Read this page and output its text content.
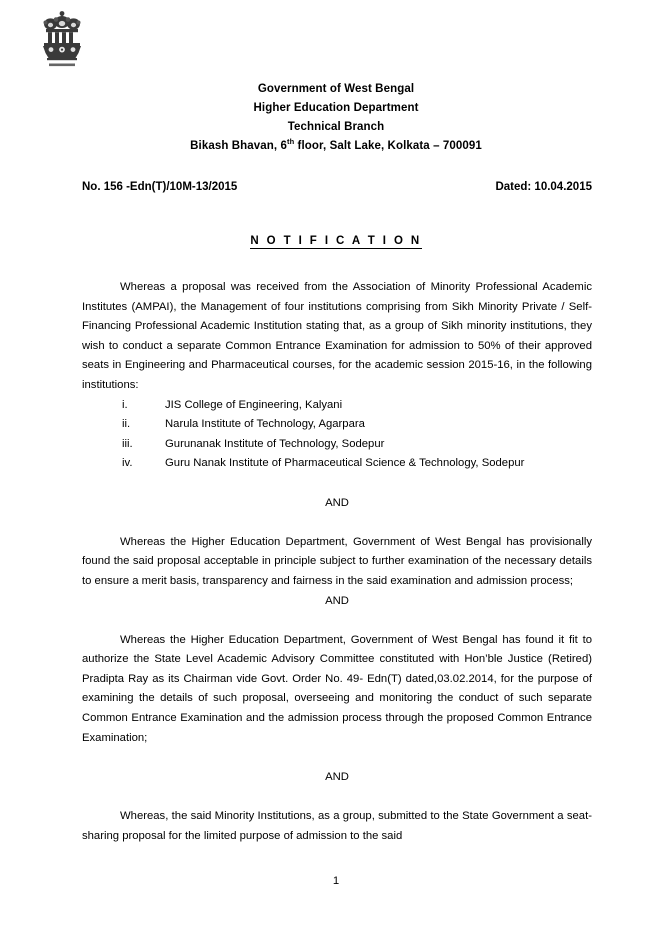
Government of West Bengal
Higher Education Department
Technical Branch
Bikash Bhavan, 6th floor, Salt Lake, Kolkata – 700091
No. 156 -Edn(T)/10M-13/2015	Dated: 10.04.2015
N O T I F I C A T I O N

Whereas a proposal was received from the Association of Minority Professional Academic Institutes (AMPAI), the Management of four institutions comprising from Sikh Minority Private / Self-Financing Professional Academic Institution stating that, as a group of Sikh minority institutions, they wish to conduct a separate Common Entrance Examination for admission to 50% of their approved seats in Engineering and Pharmaceutical courses, for the academic session 2015-16, in the following institutions:

i.	JIS College of Engineering, Kalyani
ii.	Narula Institute of Technology, Agarpara
iii.	Gurunanak Institute of Technology, Sodepur
iv.	Guru Nanak Institute of Pharmaceutical Science & Technology, Sodepur

AND

Whereas the Higher Education Department, Government of West Bengal has provisionally found the said proposal acceptable in principle subject to further examination of the necessary details to ensure a merit basis, transparency and fairness in the said examination and admission process;

AND

Whereas the Higher Education Department, Government of West Bengal has found it fit to authorize the State Level Academic Advisory Committee constituted with Hon’ble Justice (Retired) Pradipta Ray as its Chairman vide Govt. Order No. 49- Edn(T) dated,03.02.2014, for the purpose of examining the details of such proposal, overseeing and monitoring the conduct of such separate Common Entrance Examination and the admission process through the proposed Common Entrance Examination;

AND

Whereas, the said Minority Institutions, as a group, submitted to the State Government a seat- sharing proposal for the limited purpose of admission to the said

1
